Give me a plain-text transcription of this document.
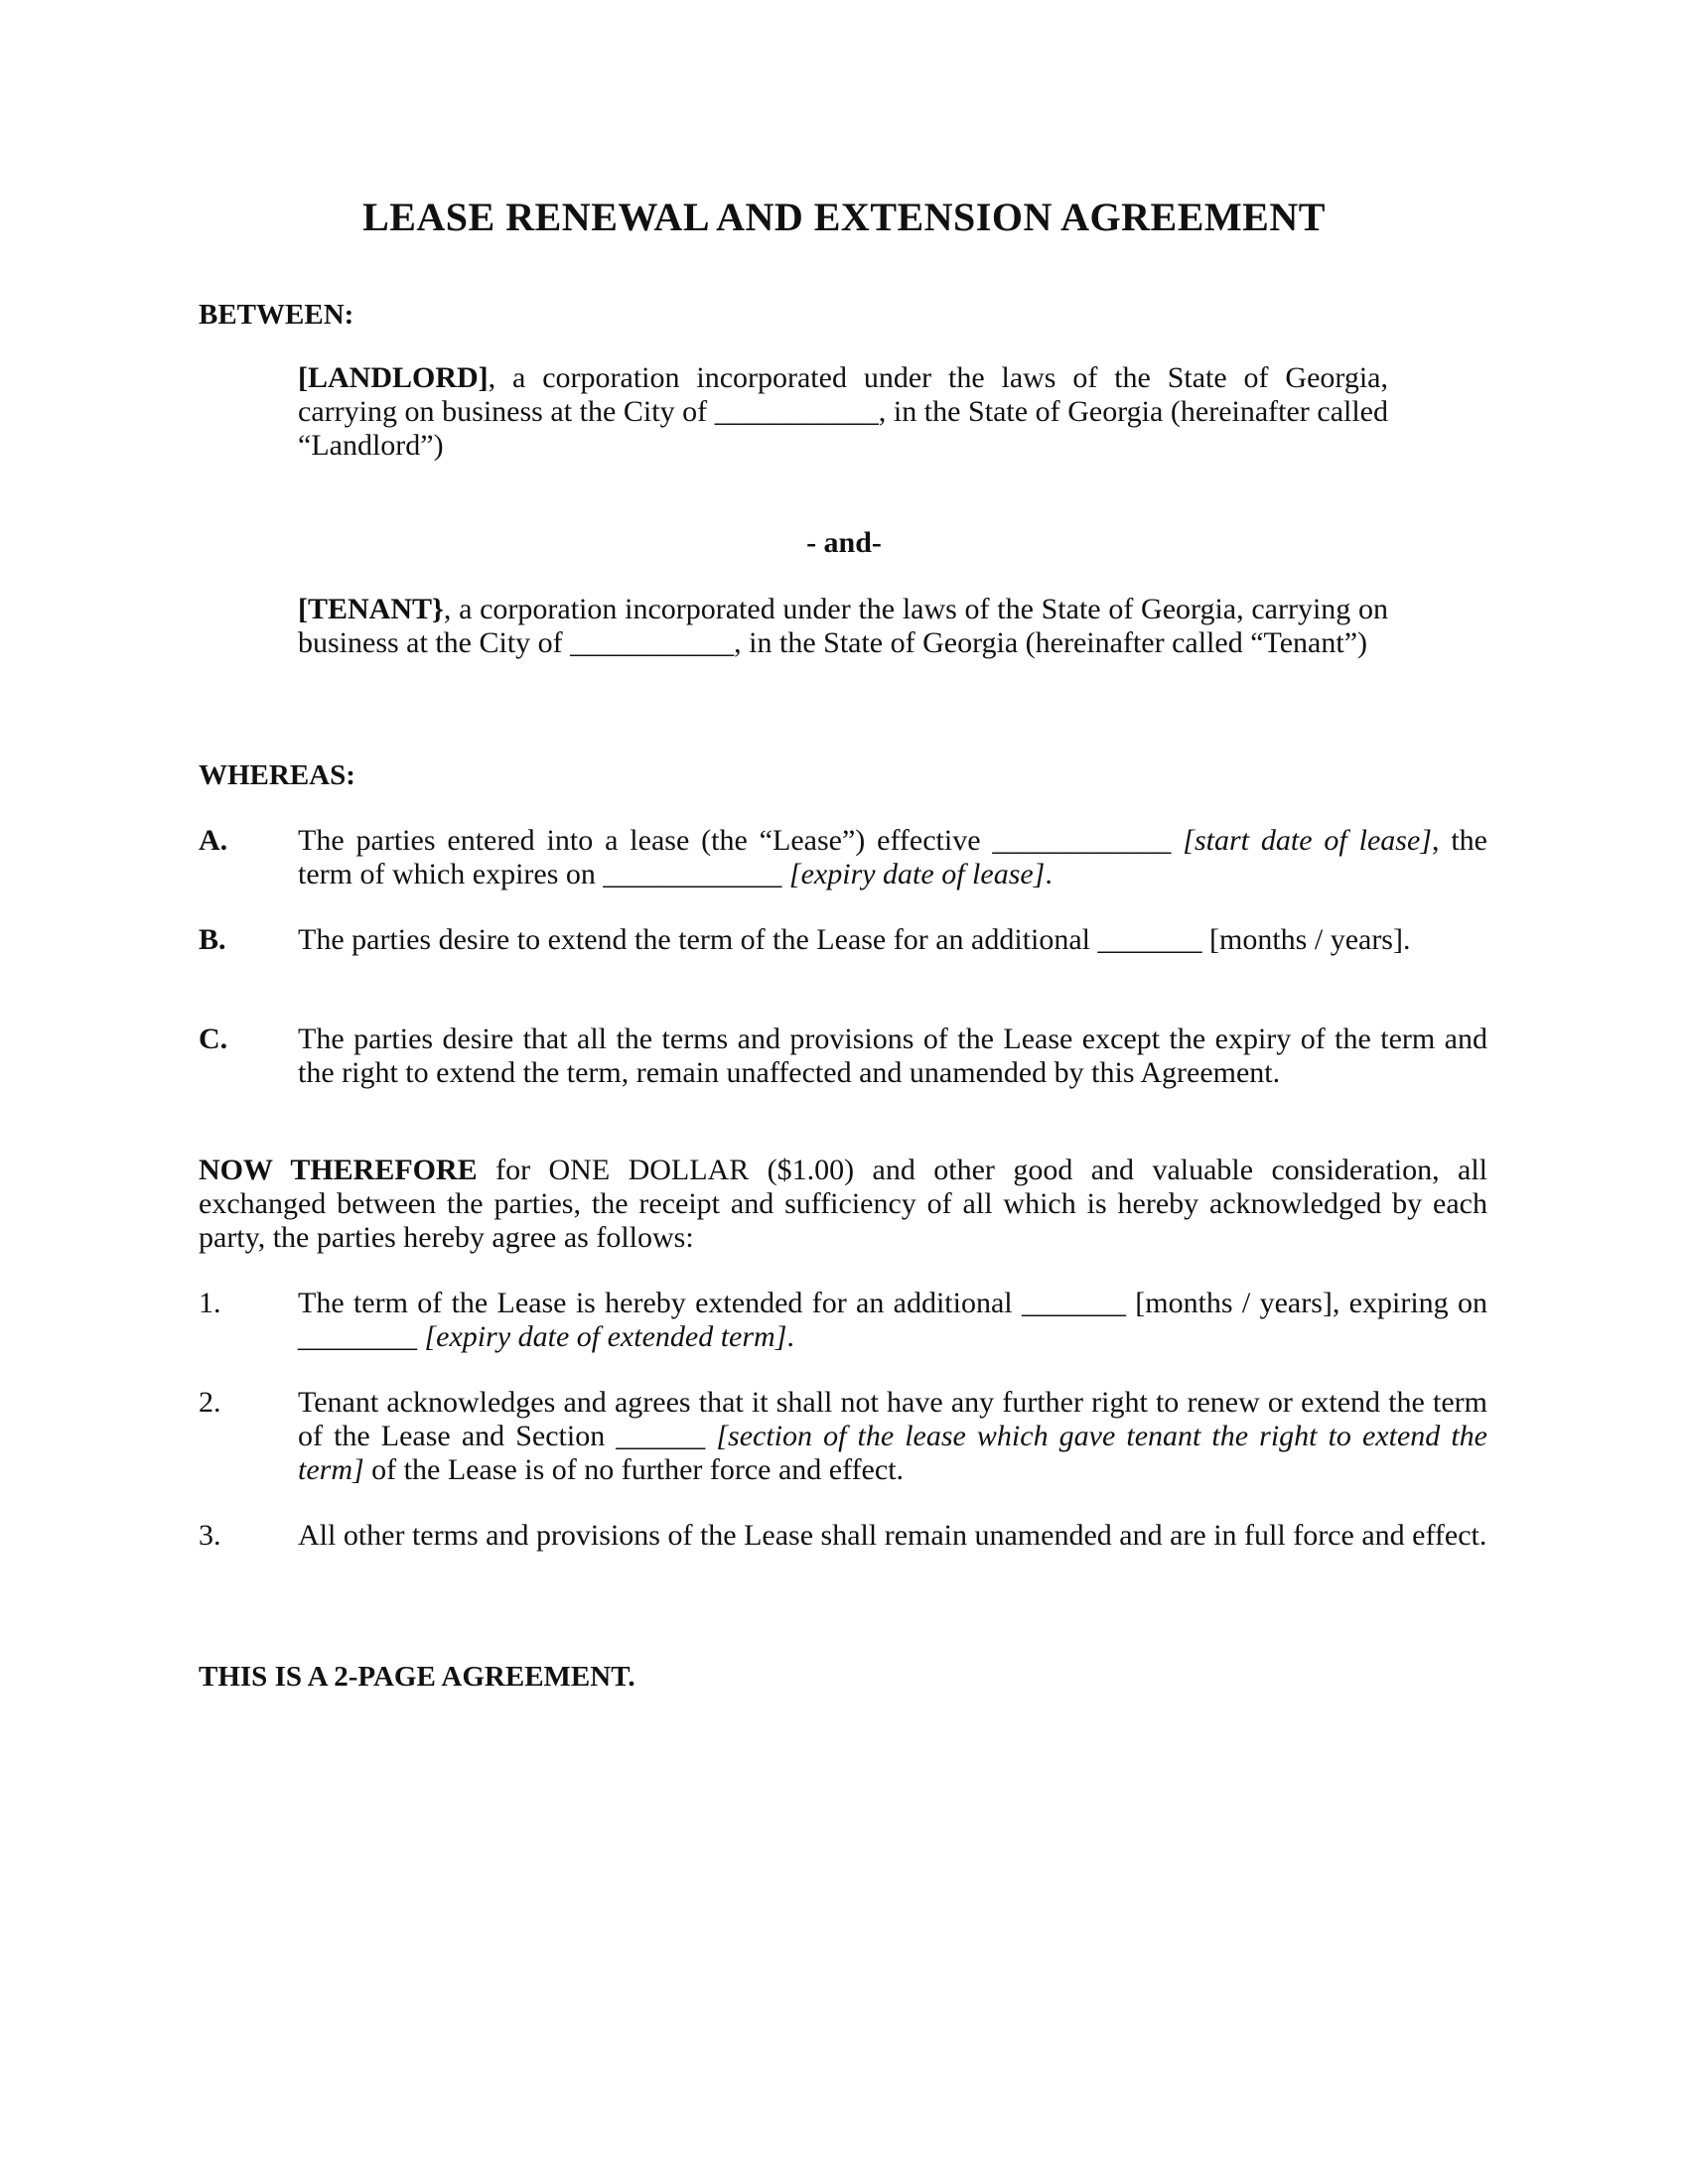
LEASE RENEWAL AND EXTENSION AGREEMENT
BETWEEN:
[LANDLORD], a corporation incorporated under the laws of the State of Georgia, carrying on business at the City of ___________, in the State of Georgia (hereinafter called “Landlord”)
- and-
[TENANT}, a corporation incorporated under the laws of the State of Georgia, carrying on business at the City of ___________, in the State of Georgia (hereinafter called “Tenant”)
WHEREAS:
A.	The parties entered into a lease (the “Lease”) effective ____________ [start date of lease], the term of which expires on ____________ [expiry date of lease].
B.	The parties desire to extend the term of the Lease for an additional _______ [months / years].
C.	The parties desire that all the terms and provisions of the Lease except the expiry of the term and the right to extend the term, remain unaffected and unamended by this Agreement.
NOW THEREFORE for ONE DOLLAR ($1.00) and other good and valuable consideration, all exchanged between the parties, the receipt and sufficiency of all which is hereby acknowledged by each party, the parties hereby agree as follows:
1.	The term of the Lease is hereby extended for an additional _______ [months / years], expiring on ________ [expiry date of extended term].
2.	Tenant acknowledges and agrees that it shall not have any further right to renew or extend the term of the Lease and Section ______ [section of the lease which gave tenant the right to extend the term] of the Lease is of no further force and effect.
3.	All other terms and provisions of the Lease shall remain unamended and are in full force and effect.
THIS IS A 2-PAGE AGREEMENT.
